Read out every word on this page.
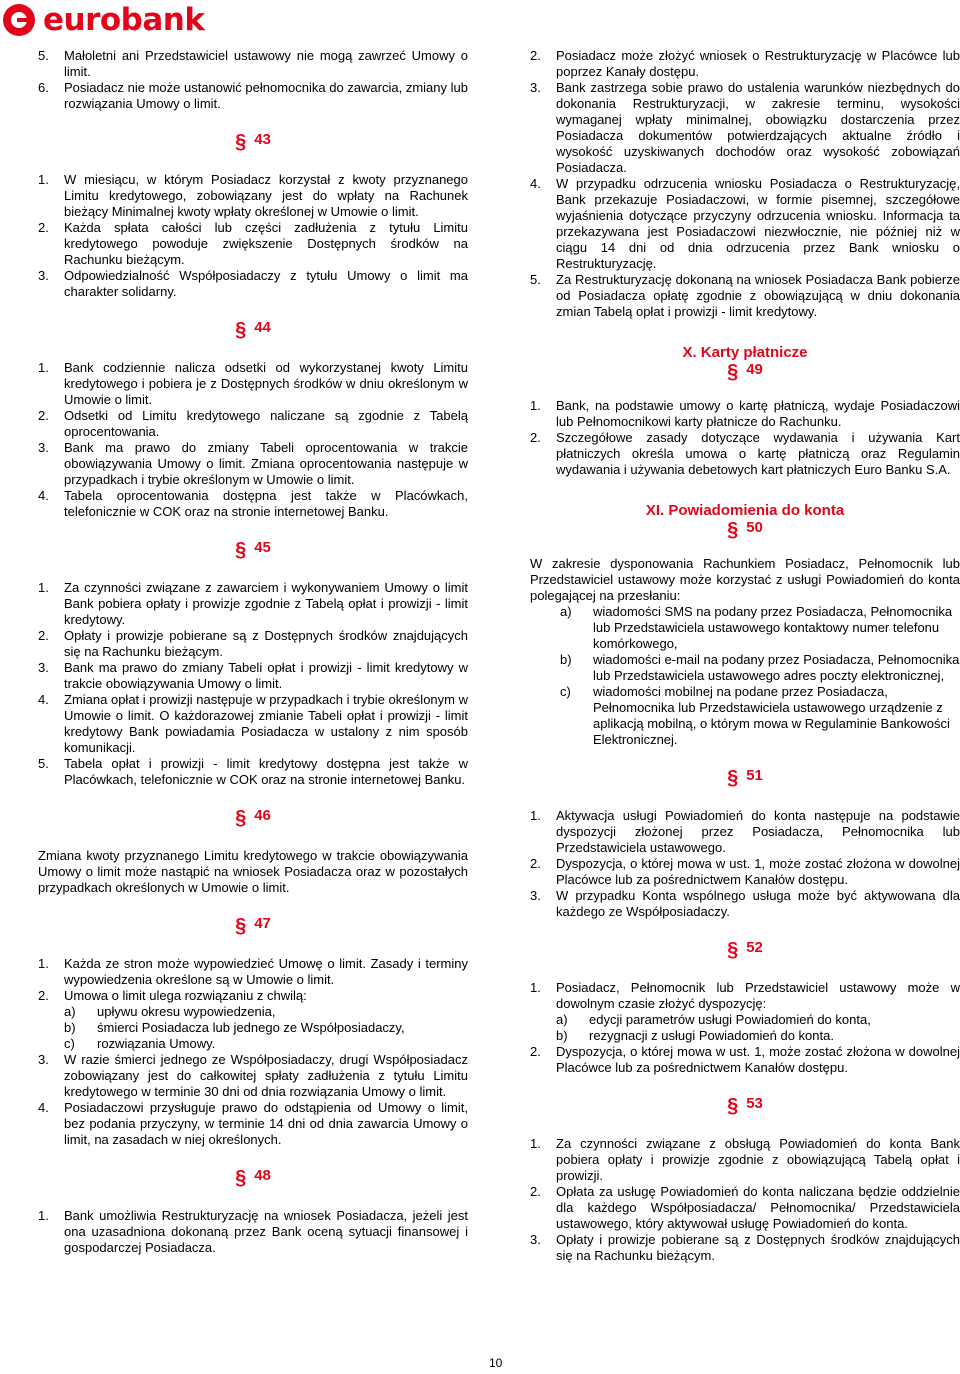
eurobank
5.	Małoletni ani Przedstawiciel ustawowy nie mogą zawrzeć Umowy o limit.
6.	Posiadacz nie może ustanowić pełnomocnika do zawarcia, zmiany lub rozwiązania Umowy o limit.
§ 43
1.	W miesiącu, w którym Posiadacz korzystał z kwoty przyznanego Limitu kredytowego, zobowiązany jest do wpłaty na Rachunek bieżący Minimalnej kwoty wpłaty określonej w Umowie o limit.
2.	Każda spłata całości lub części zadłużenia z tytułu Limitu kredytowego powoduje zwiększenie Dostępnych środków na Rachunku bieżącym.
3.	Odpowiedzialność Współposiadaczy z tytułu Umowy o limit ma charakter solidarny.
§ 44
1.	Bank codziennie nalicza odsetki od wykorzystanej kwoty Limitu kredytowego i pobiera je z Dostępnych środków w dniu określonym w Umowie o limit.
2.	Odsetki od Limitu kredytowego naliczane są zgodnie z Tabelą oprocentowania.
3.	Bank ma prawo do zmiany Tabeli oprocentowania w trakcie obowiązywania Umowy o limit. Zmiana oprocentowania następuje w przypadkach i trybie określonym w Umowie o limit.
4.	Tabela oprocentowania dostępna jest także w Placówkach, telefonicznie w COK oraz na stronie internetowej Banku.
§ 45
1.	Za czynności związane z zawarciem i wykonywaniem Umowy o limit Bank pobiera opłaty i prowizje zgodnie z Tabelą opłat i prowizji - limit kredytowy.
2.	Opłaty i prowizje pobierane są z Dostępnych środków znajdujących się na Rachunku bieżącym.
3.	Bank ma prawo do zmiany Tabeli opłat i prowizji - limit kredytowy w trakcie obowiązywania Umowy o limit.
4.	Zmiana opłat i prowizji następuje w przypadkach i trybie określonym w Umowie o limit. O każdorazowej zmianie Tabeli opłat i prowizji - limit kredytowy Bank powiadamia Posiadacza w ustalony z nim sposób komunikacji.
5.	Tabela opłat i prowizji - limit kredytowy dostępna jest także w Placówkach, telefonicznie w COK oraz na stronie internetowej Banku.
§ 46
Zmiana kwoty przyznanego Limitu kredytowego w trakcie obowiązywania Umowy o limit może nastąpić na wniosek Posiadacza oraz w pozostałych przypadkach określonych w Umowie o limit.
§ 47
1.	Każda ze stron może wypowiedzieć Umowę o limit. Zasady i terminy wypowiedzenia określone są w Umowie o limit.
2.	Umowa o limit ulega rozwiązaniu z chwilą:
a)	upływu okresu wypowiedzenia,
b)	śmierci Posiadacza lub jednego ze Współposiadaczy,
c)	rozwiązania Umowy.
3.	W razie śmierci jednego ze Współposiadaczy, drugi Współposiadacz zobowiązany jest do całkowitej spłaty zadłużenia z tytułu Limitu kredytowego w terminie 30 dni od dnia rozwiązania Umowy o limit.
4.	Posiadaczowi przysługuje prawo do odstąpienia od Umowy o limit, bez podania przyczyny, w terminie 14 dni od dnia zawarcia Umowy o limit, na zasadach w niej określonych.
§ 48
1.	Bank umożliwia Restrukturyzację na wniosek Posiadacza, jeżeli jest ona uzasadniona dokonaną przez Bank oceną sytuacji finansowej i gospodarczej Posiadacza.
2.	Posiadacz może złożyć wniosek o Restrukturyzację w Placówce lub poprzez Kanały dostępu.
3.	Bank zastrzega sobie prawo do ustalenia warunków niezbędnych do dokonania Restrukturyzacji, w zakresie terminu, wysokości wymaganej wpłaty minimalnej, obowiązku dostarczenia przez Posiadacza dokumentów potwierdzających aktualne źródło i wysokość uzyskiwanych dochodów oraz wysokość zobowiązań Posiadacza.
4.	W przypadku odrzucenia wniosku Posiadacza o Restrukturyzację, Bank przekazuje Posiadaczowi, w formie pisemnej, szczegółowe wyjaśnienia dotyczące przyczyny odrzucenia wniosku. Informacja ta przekazywana jest Posiadaczowi niezwłocznie, nie później niż w ciągu 14 dni od dnia odrzucenia przez Bank wniosku o Restrukturyzację.
5.	Za Restrukturyzację dokonaną na wniosek Posiadacza Bank pobierze od Posiadacza opłatę zgodnie z obowiązującą w dniu dokonania zmian Tabelą opłat i prowizji - limit kredytowy.
X. Karty płatnicze
§ 49
1.	Bank, na podstawie umowy o kartę płatniczą, wydaje Posiadaczowi lub Pełnomocnikowi karty płatnicze do Rachunku.
2.	Szczegółowe zasady dotyczące wydawania i używania Kart płatniczych określa umowa o kartę płatniczą oraz Regulamin wydawania i używania debetowych kart płatniczych Euro Banku S.A.
XI. Powiadomienia do konta
§ 50
W zakresie dysponowania Rachunkiem Posiadacz, Pełnomocnik lub Przedstawiciel ustawowy może korzystać z usługi Powiadomień do konta polegającej na przesłaniu:
a)	wiadomości SMS na podany przez Posiadacza, Pełnomocnika lub Przedstawiciela ustawowego kontaktowy numer telefonu komórkowego,
b)	wiadomości e-mail na podany przez Posiadacza, Pełnomocnika lub Przedstawiciela ustawowego adres poczty elektronicznej,
c)	wiadomości mobilnej na podane przez Posiadacza, Pełnomocnika lub Przedstawiciela ustawowego urządzenie z aplikacją mobilną, o którym mowa w Regulaminie Bankowości Elektronicznej.
§ 51
1.	Aktywacja usługi Powiadomień do konta następuje na podstawie dyspozycji złożonej przez Posiadacza, Pełnomocnika lub Przedstawiciela ustawowego.
2.	Dyspozycja, o której mowa w ust. 1, może zostać złożona w dowolnej Placówce lub za pośrednictwem Kanałów dostępu.
3.	W przypadku Konta wspólnego usługa może być aktywowana dla każdego ze Współposiadaczy.
§ 52
1.	Posiadacz, Pełnomocnik lub Przedstawiciel ustawowy może w dowolnym czasie złożyć dyspozycję:
a)	edycji parametrów usługi Powiadomień do konta,
b)	rezygnacji z usługi Powiadomień do konta.
2.	Dyspozycja, o której mowa w ust. 1, może zostać złożona w dowolnej Placówce lub za pośrednictwem Kanałów dostępu.
§ 53
1.	Za czynności związane z obsługą Powiadomień do konta Bank pobiera opłaty i prowizje zgodnie z obowiązującą Tabelą opłat i prowizji.
2.	Opłata za usługę Powiadomień do konta naliczana będzie oddzielnie dla każdego Współposiadacza/ Pełnomocnika/ Przedstawiciela ustawowego, który aktywował usługę Powiadomień do konta.
3.	Opłaty i prowizje pobierane są z Dostępnych środków znajdujących się na Rachunku bieżącym.
10
